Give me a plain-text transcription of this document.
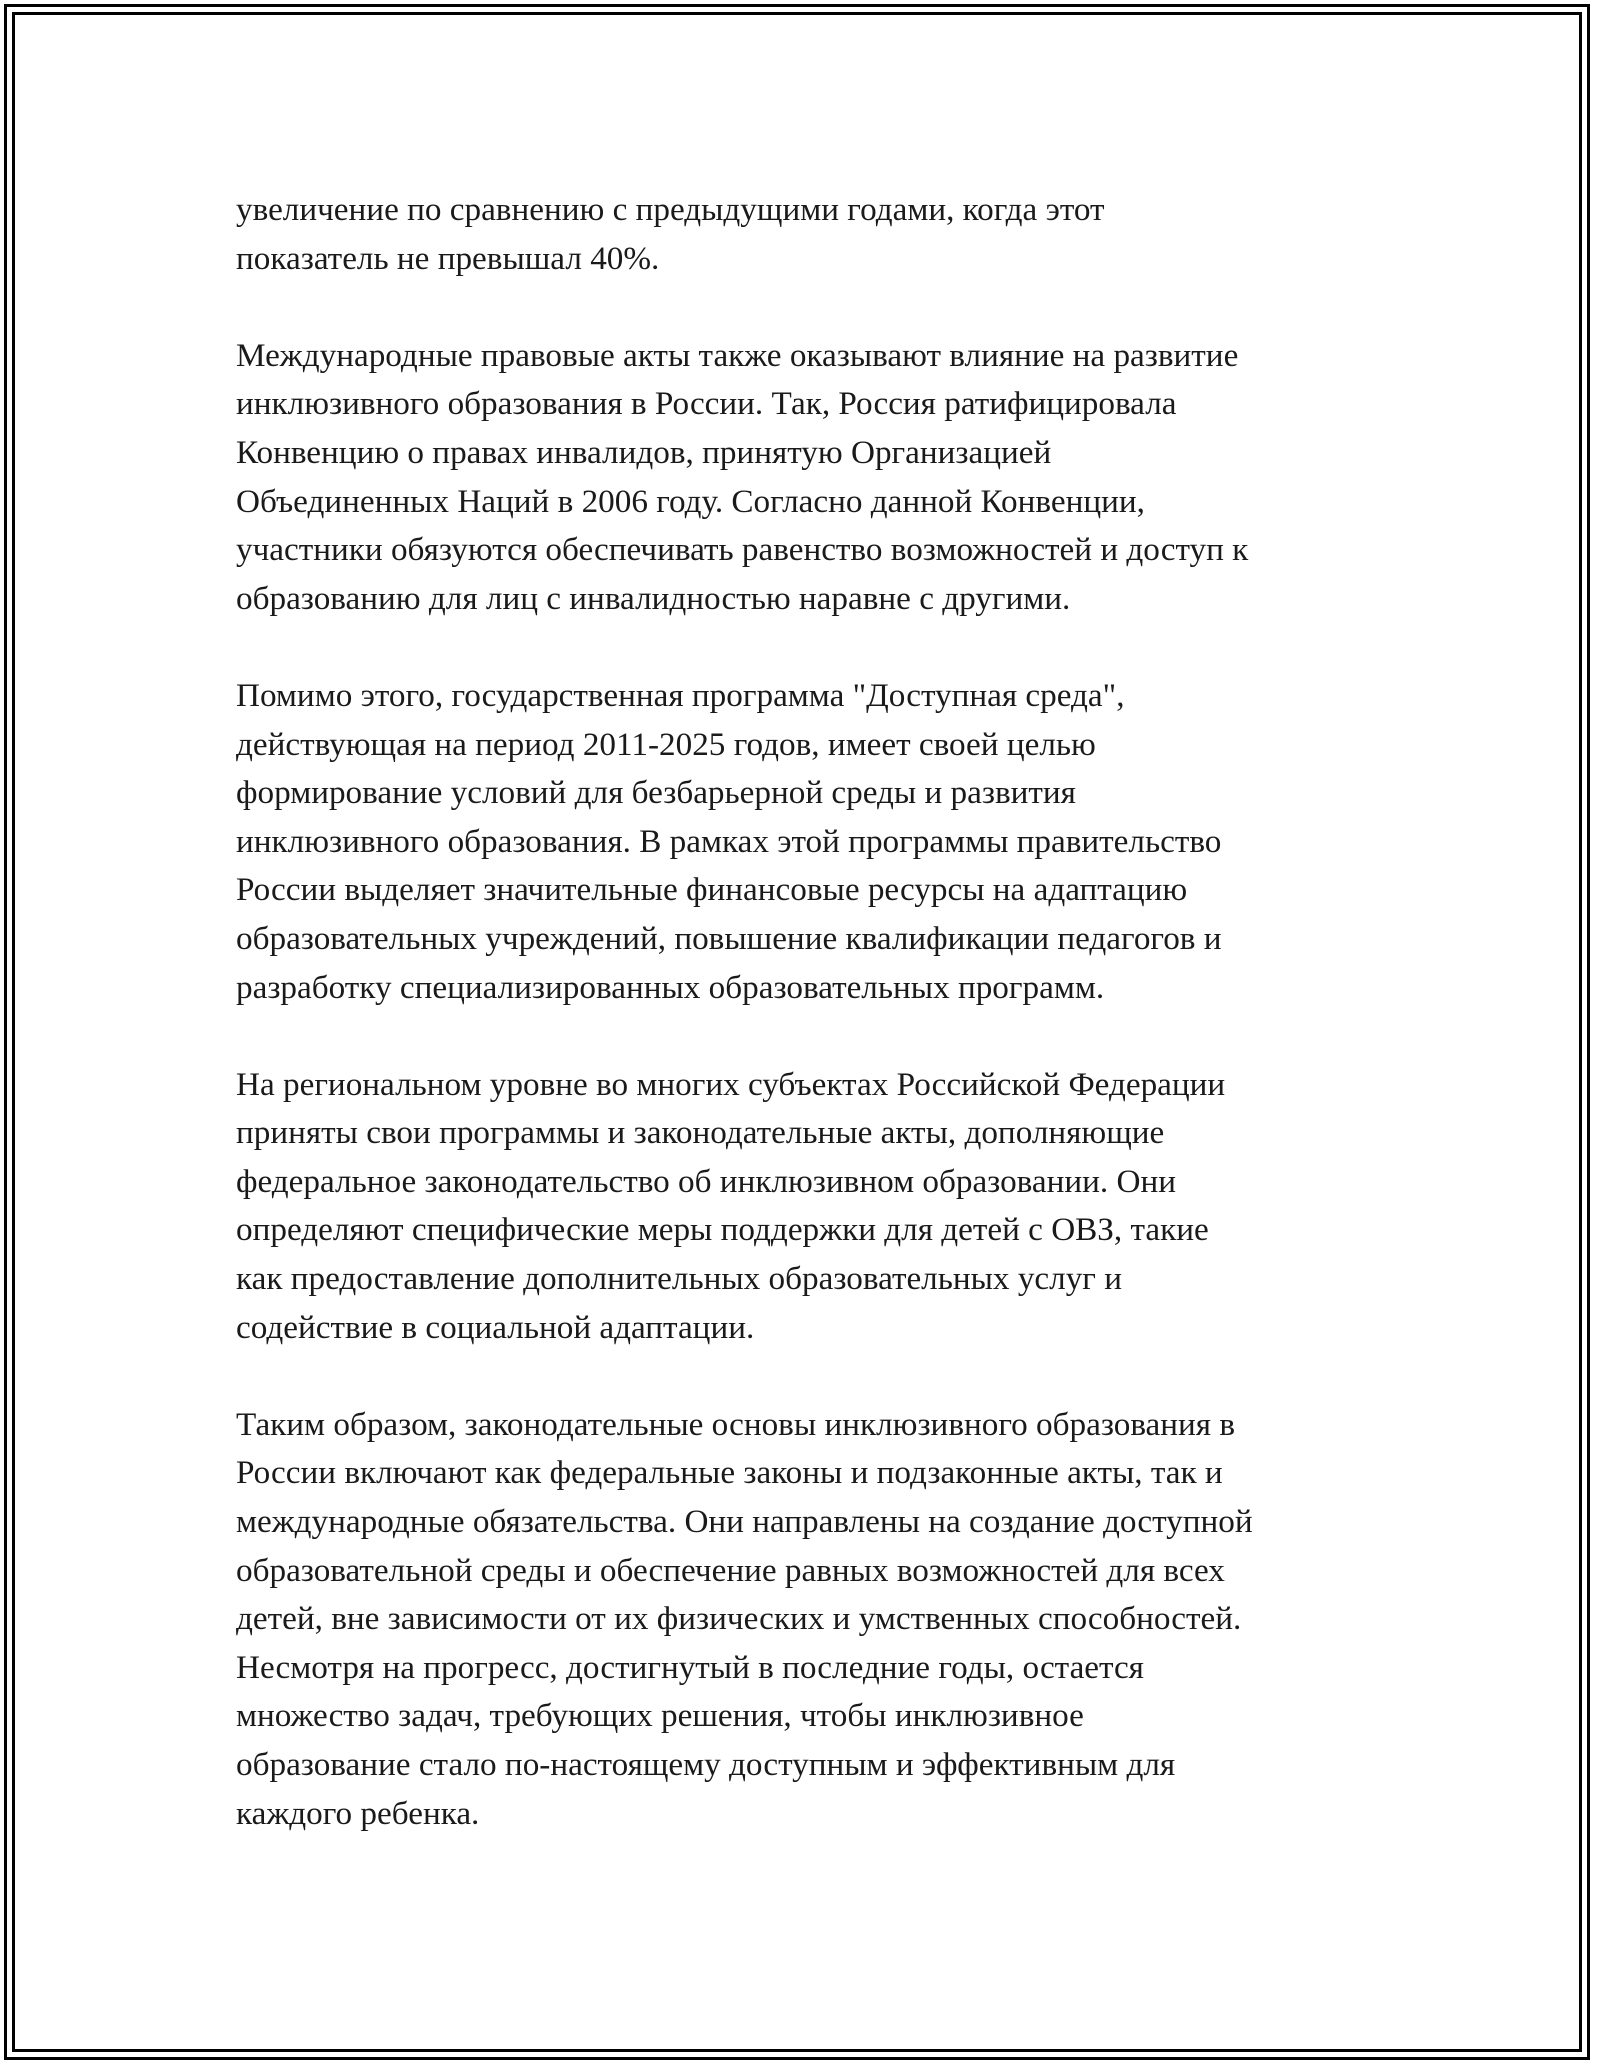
увеличение по сравнению с предыдущими годами, когда этот
показатель не превышал 40%.

Международные правовые акты также оказывают влияние на развитие
инклюзивного образования в России. Так, Россия ратифицировала
Конвенцию о правах инвалидов, принятую Организацией
Объединенных Наций в 2006 году. Согласно данной Конвенции,
участники обязуются обеспечивать равенство возможностей и доступ к
образованию для лиц с инвалидностью наравне с другими.

Помимо этого, государственная программа "Доступная среда",
действующая на период 2011-2025 годов, имеет своей целью
формирование условий для безбарьерной среды и развития
инклюзивного образования. В рамках этой программы правительство
России выделяет значительные финансовые ресурсы на адаптацию
образовательных учреждений, повышение квалификации педагогов и
разработку специализированных образовательных программ.

На региональном уровне во многих субъектах Российской Федерации
приняты свои программы и законодательные акты, дополняющие
федеральное законодательство об инклюзивном образовании. Они
определяют специфические меры поддержки для детей с ОВЗ, такие
как предоставление дополнительных образовательных услуг и
содействие в социальной адаптации.

Таким образом, законодательные основы инклюзивного образования в
России включают как федеральные законы и подзаконные акты, так и
международные обязательства. Они направлены на создание доступной
образовательной среды и обеспечение равных возможностей для всех
детей, вне зависимости от их физических и умственных способностей.
Несмотря на прогресс, достигнутый в последние годы, остается
множество задач, требующих решения, чтобы инклюзивное
образование стало по-настоящему доступным и эффективным для
каждого ребенка.
